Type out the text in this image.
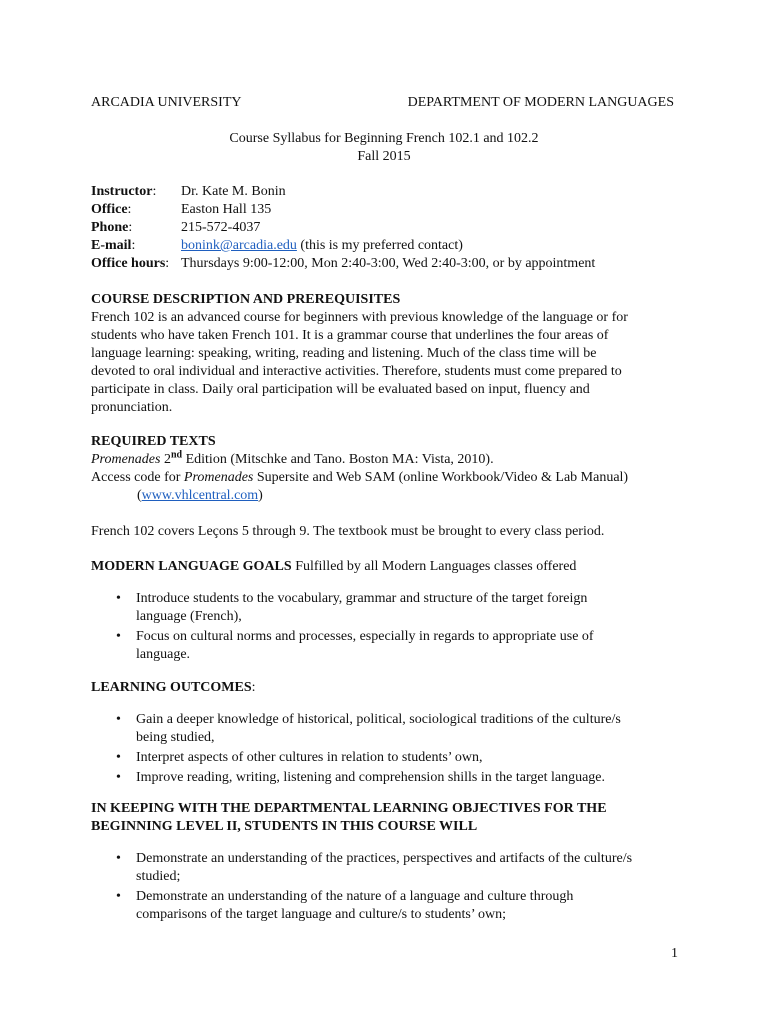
ARCADIA UNIVERSITY	DEPARTMENT OF MODERN LANGUAGES
Course Syllabus for Beginning French 102.1 and 102.2
Fall 2015
Instructor: Dr. Kate M. Bonin
Office:	Easton Hall 135
Phone:	215-572-4037
E-mail:	bonink@arcadia.edu (this is my preferred contact)
Office hours: Thursdays 9:00-12:00, Mon 2:40-3:00, Wed 2:40-3:00, or by appointment
COURSE DESCRIPTION AND PREREQUISITES

French 102 is an advanced course for beginners with previous knowledge of the language or for

students who have taken French 101. It is a grammar course that underlines the four areas of

language learning: speaking, writing, reading and listening. Much of the class time will be

devoted to oral individual and interactive activities. Therefore, students must come prepared to

participate in class. Daily oral participation will be evaluated based on input, fluency and

pronunciation.

REQUIRED TEXTS
Promenades 2nd Edition (Mitschke and Tano. Boston MA: Vista, 2010).
Access code for Promenades Supersite and Web SAM (online Workbook/Video & Lab Manual)
(www.vhlcentral.com)
French 102 covers Leçons 5 through 9. The textbook must be brought to every class period.
MODERN LANGUAGE GOALS Fulfilled by all Modern Languages classes offered
• Introduce students to the vocabulary, grammar and structure of the target foreign
language (French),
• Focus on cultural norms and processes, especially in regards to appropriate use of
language.
LEARNING OUTCOMES:
• Gain a deeper knowledge of historical, political, sociological traditions of the culture/s
being studied,
• Interpret aspects of other cultures in relation to students’ own,
• Improve reading, writing, listening and comprehension shills in the target language.
IN KEEPING WITH THE DEPARTMENTAL LEARNING OBJECTIVES FOR THE
BEGINNING LEVEL II, STUDENTS IN THIS COURSE WILL
• Demonstrate an understanding of the practices, perspectives and artifacts of the culture/s
studied;
• Demonstrate an understanding of the nature of a language and culture through
comparisons of the target language and culture/s to students’ own;
1
